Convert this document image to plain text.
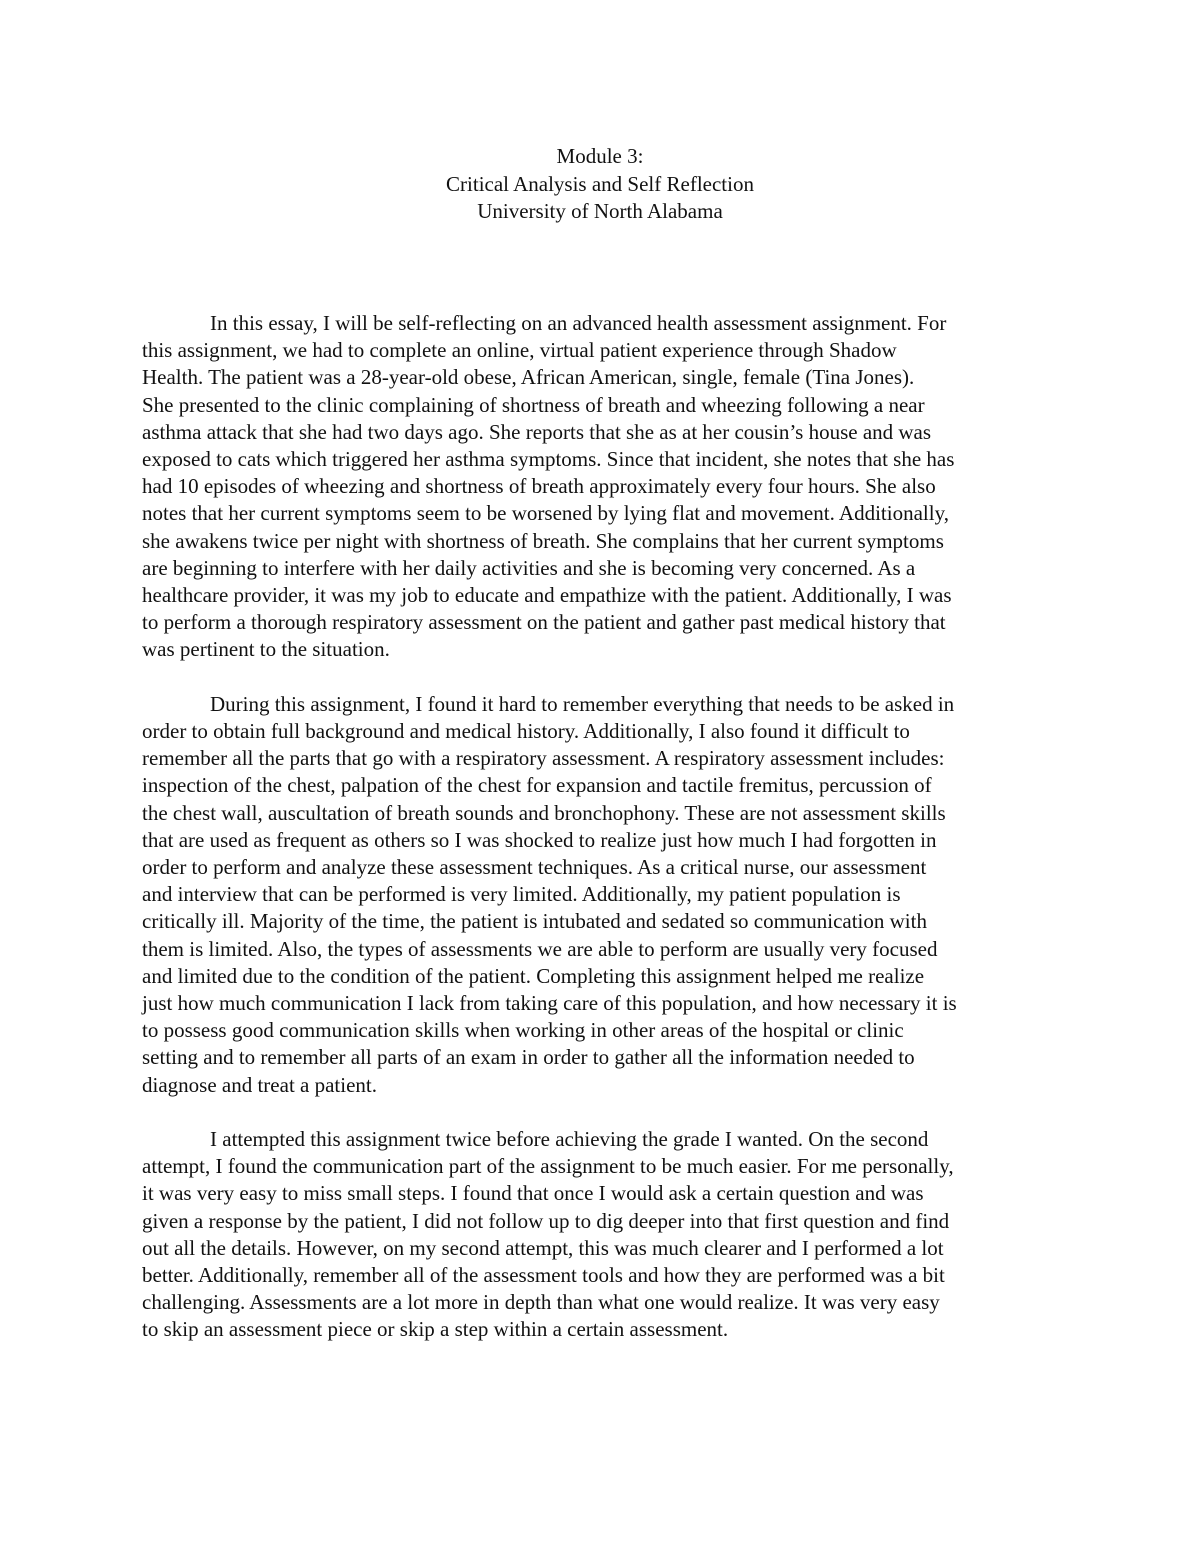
Module 3:
Critical Analysis and Self Reflection
University of North Alabama
In this essay, I will be self-reflecting on an advanced health assessment assignment. For
this assignment, we had to complete an online, virtual patient experience through Shadow
Health. The patient was a 28-year-old obese, African American, single, female (Tina Jones).
She presented to the clinic complaining of shortness of breath and wheezing following a near
asthma attack that she had two days ago. She reports that she as at her cousin’s house and was
exposed to cats which triggered her asthma symptoms. Since that incident, she notes that she has
had 10 episodes of wheezing and shortness of breath approximately every four hours. She also
notes that her current symptoms seem to be worsened by lying flat and movement. Additionally,
she awakens twice per night with shortness of breath. She complains that her current symptoms
are beginning to interfere with her daily activities and she is becoming very concerned. As a
healthcare provider, it was my job to educate and empathize with the patient. Additionally, I was
to perform a thorough respiratory assessment on the patient and gather past medical history that
was pertinent to the situation.
During this assignment, I found it hard to remember everything that needs to be asked in
order to obtain full background and medical history. Additionally, I also found it difficult to
remember all the parts that go with a respiratory assessment. A respiratory assessment includes:
inspection of the chest, palpation of the chest for expansion and tactile fremitus, percussion of
the chest wall, auscultation of breath sounds and bronchophony. These are not assessment skills
that are used as frequent as others so I was shocked to realize just how much I had forgotten in
order to perform and analyze these assessment techniques. As a critical nurse, our assessment
and interview that can be performed is very limited. Additionally, my patient population is
critically ill. Majority of the time, the patient is intubated and sedated so communication with
them is limited. Also, the types of assessments we are able to perform are usually very focused
and limited due to the condition of the patient. Completing this assignment helped me realize
just how much communication I lack from taking care of this population, and how necessary it is
to possess good communication skills when working in other areas of the hospital or clinic
setting and to remember all parts of an exam in order to gather all the information needed to
diagnose and treat a patient.
I attempted this assignment twice before achieving the grade I wanted. On the second
attempt, I found the communication part of the assignment to be much easier. For me personally,
it was very easy to miss small steps. I found that once I would ask a certain question and was
given a response by the patient, I did not follow up to dig deeper into that first question and find
out all the details. However, on my second attempt, this was much clearer and I performed a lot
better. Additionally, remember all of the assessment tools and how they are performed was a bit
challenging. Assessments are a lot more in depth than what one would realize. It was very easy
to skip an assessment piece or skip a step within a certain assessment.
